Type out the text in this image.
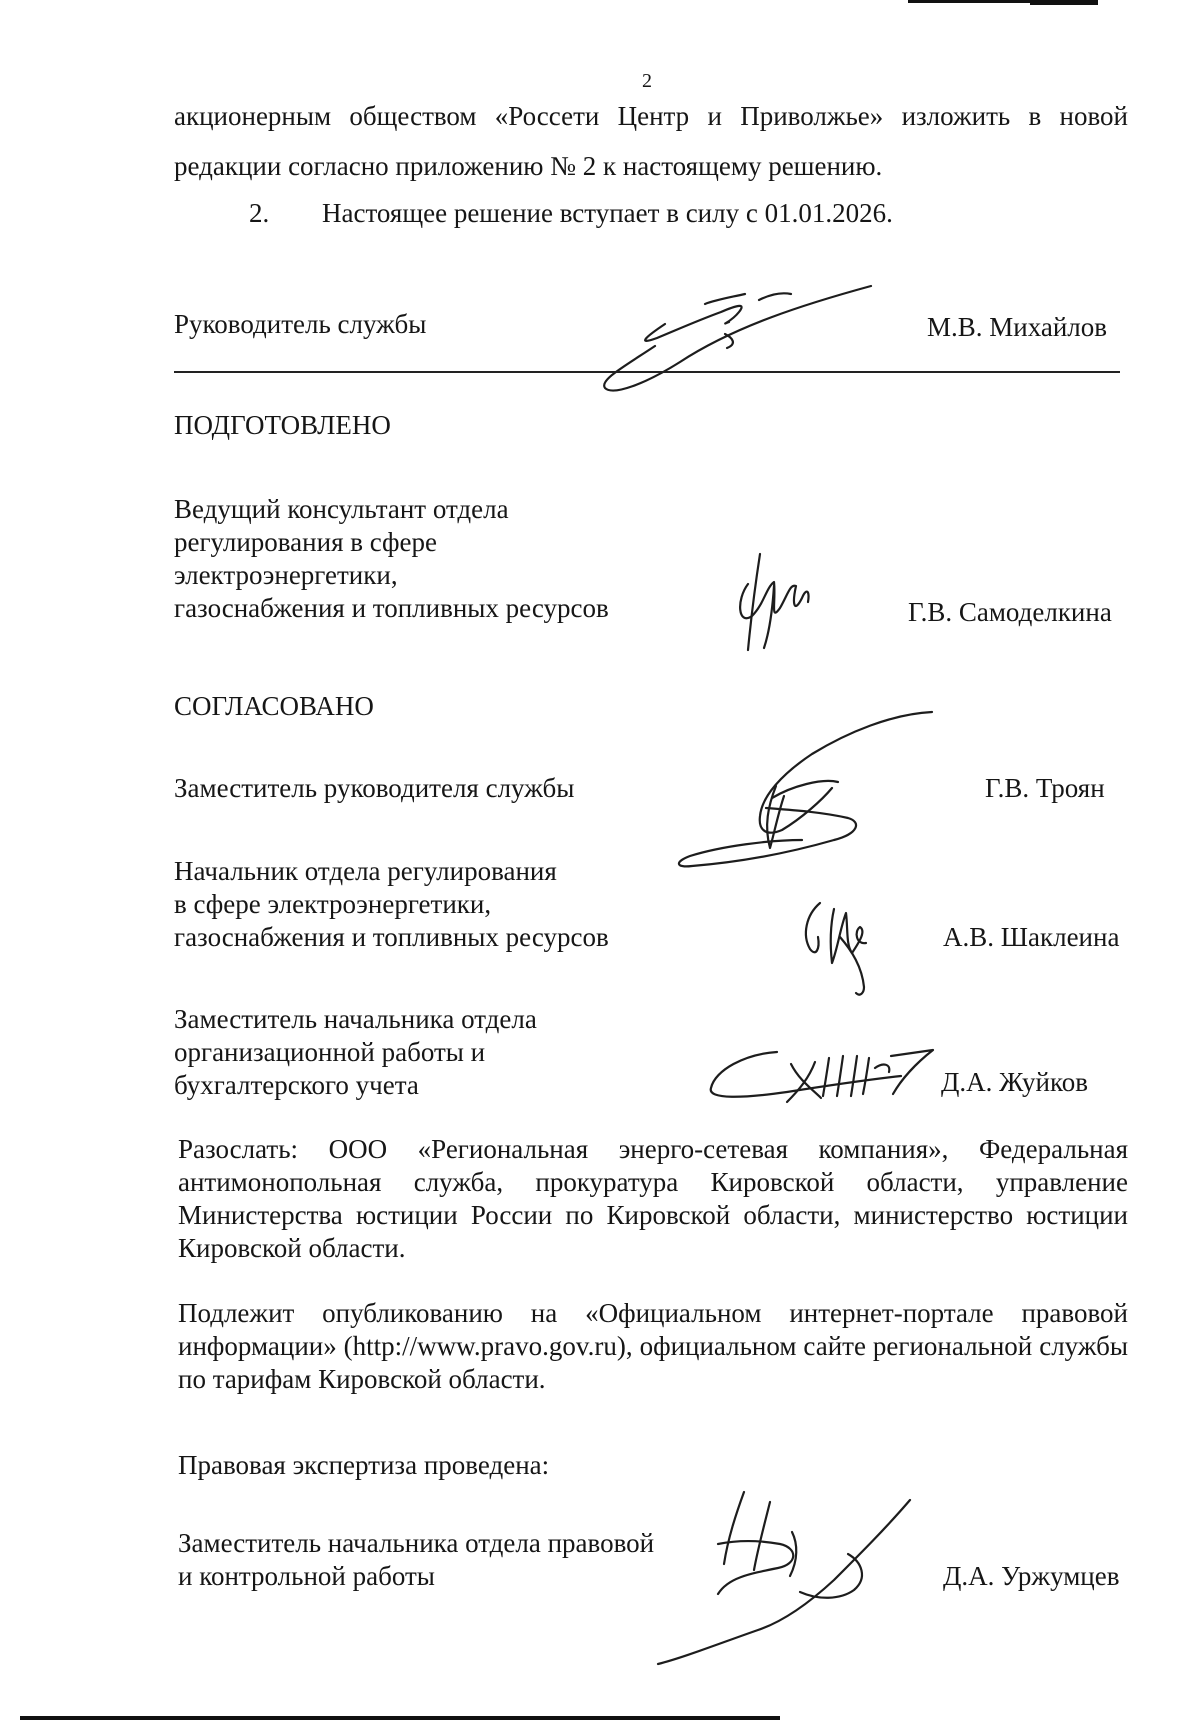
2
акционерным обществом «Россети Центр и Приволжье» изложить в новой
редакции согласно приложению № 2 к настоящему решению.
2. Настоящее решение вступает в силу с 01.01.2026.
Руководитель службы	М.В. Михайлов
ПОДГОТОВЛЕНО
Ведущий консультант отдела
регулирования в сфере
электроэнергетики,
газоснабжения и топливных ресурсов	Г.В. Самоделкина
СОГЛАСОВАНО
Заместитель руководителя службы	Г.В. Троян
Начальник отдела регулирования
в сфере электроэнергетики,
газоснабжения и топливных ресурсов	А.В. Шаклеина
Заместитель начальника отдела
организационной работы и
бухгалтерского учета	Д.А. Жуйков
Разослать: ООО «Региональная энерго-сетевая компания», Федеральная антимонопольная служба, прокуратура Кировской области, управление Министерства юстиции России по Кировской области, министерство юстиции Кировской области.
Подлежит опубликованию на «Официальном интернет-портале правовой информации» (http://www.pravo.gov.ru), официальном сайте региональной службы по тарифам Кировской области.
Правовая экспертиза проведена:
Заместитель начальника отдела правовой
и контрольной работы	Д.А. Уржумцев
